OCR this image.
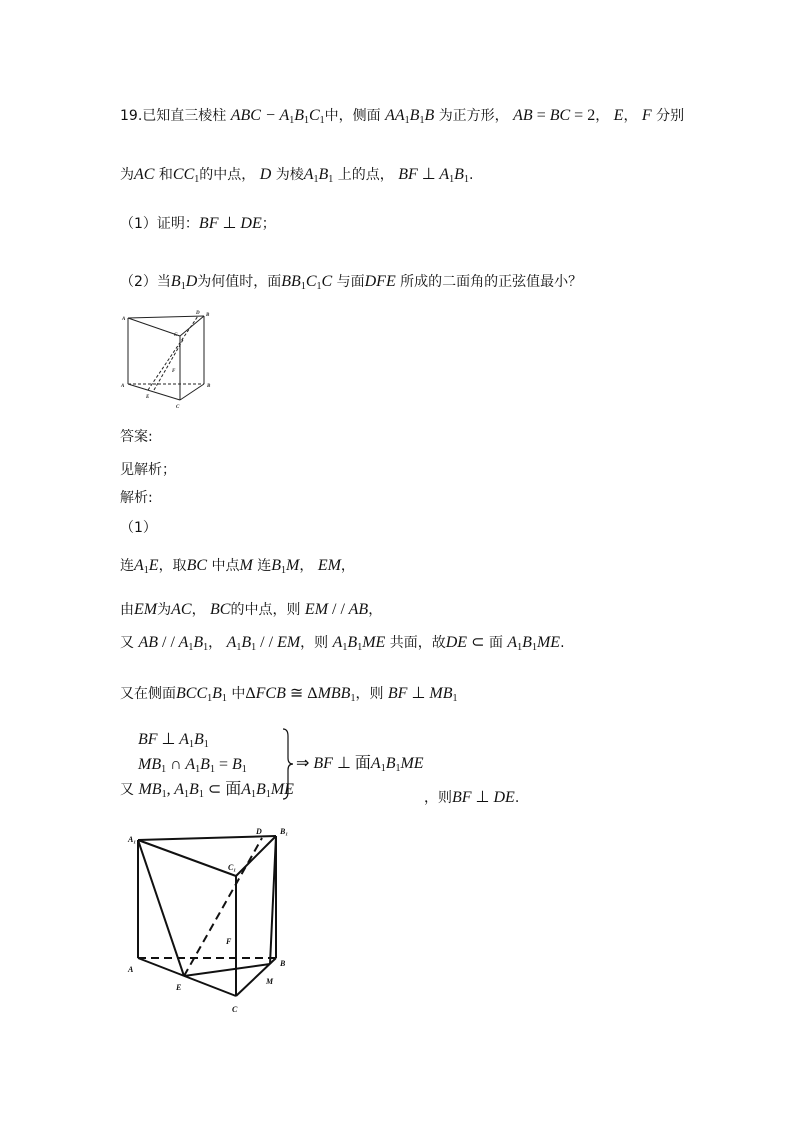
19.已知直三棱柱 ABC − A1B1C1中，侧面 AA1B1B 为正方形， AB = BC = 2， E， F 分别
为AC 和CC1的中点， D 为棱A1B1 上的点， BF ⊥ A1B1.
（1）证明：BF ⊥ DE；
（2）当B1D为何值时，面BB1C1C 与面DFE 所成的二面角的正弦值最小？
A
D B
C
F
A
E
B
C
答案:
见解析；
解析:
（1）
连A1E，取BC 中点M 连B1M， EM，
由EM为AC， BC的中点，则 EM / / AB，
又 AB / / A1B1， A1B1 / / EM，则 A1B1ME 共面，故DE ⊂ 面 A1B1ME.
又在侧面BCC1B1 中ΔFCB ≅ ΔMBB1，则 BF ⊥ MB1
BF ⊥ A1B1
MB1 ∩ A1B1 = B1
又 MB1, A1B1 ⊂ 面A1B1ME
⇒ BF ⊥ 面A1B1ME
，则BF ⊥ DE.
A₁
D B₁
C₁
F
A
B
E
M
C
